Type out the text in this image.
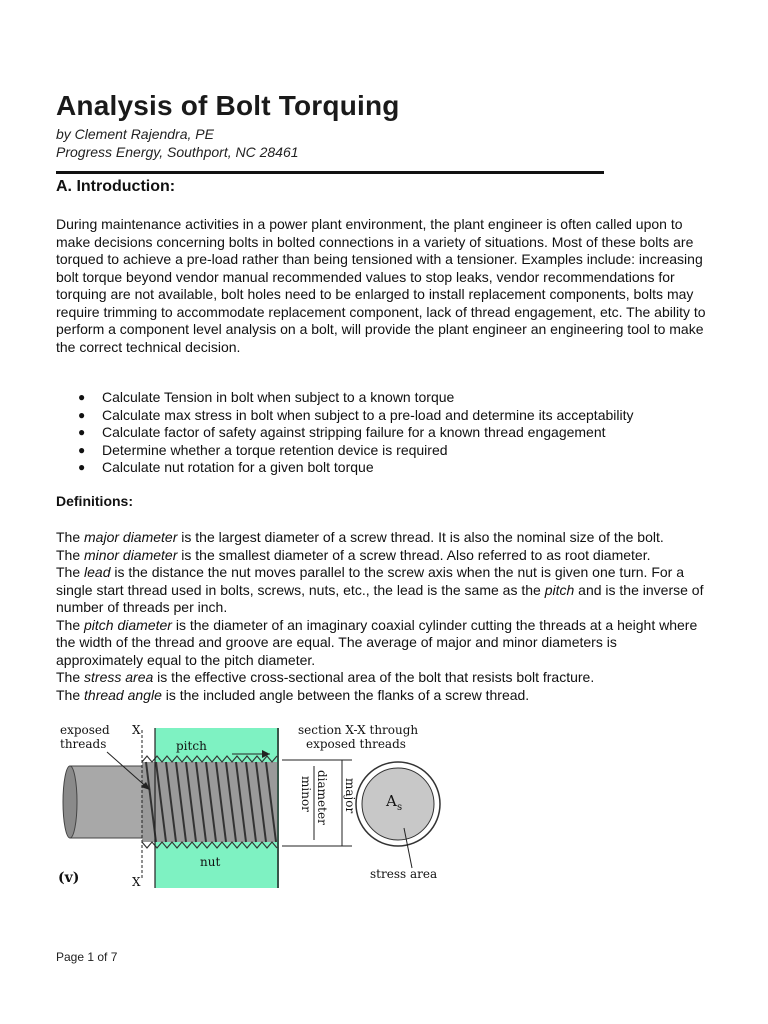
Analysis of Bolt Torquing
by Clement Rajendra, PE
Progress Energy, Southport, NC 28461
A. Introduction:

During maintenance activities in a power plant environment, the plant engineer is often called upon to make decisions concerning bolts in bolted connections in a variety of situations. Most of these bolts are torqued to achieve a pre-load rather than being tensioned with a tensioner. Examples include: increasing bolt torque beyond vendor manual recommended values to stop leaks, vendor recommendations for torquing are not available, bolt holes need to be enlarged to install replacement components, bolts may require trimming to accommodate replacement component, lack of thread engagement, etc. The ability to perform a component level analysis on a bolt, will provide the plant engineer an engineering tool to make the correct technical decision.

● Calculate Tension in bolt when subject to a known torque
● Calculate max stress in bolt when subject to a pre-load and determine its acceptability
● Calculate factor of safety against stripping failure for a known thread engagement
● Determine whether a torque retention device is required
● Calculate nut rotation for a given bolt torque
Definitions:

The major diameter is the largest diameter of a screw thread. It is also the nominal size of the bolt.

The minor diameter is the smallest diameter of a screw thread. Also referred to as root diameter.

The lead is the distance the nut moves parallel to the screw axis when the nut is given one turn. For a single start thread used in bolts, screws, nuts, etc., the lead is the same as the pitch and is the inverse of number of threads per inch.

The pitch diameter is the diameter of an imaginary coaxial cylinder cutting the threads at a height where the width of the thread and groove are equal. The average of major and minor diameters is approximately equal to the pitch diameter.

The stress area is the effective cross-sectional area of the bolt that resists bolt fracture.

The thread angle is the included angle between the flanks of a screw thread.

exposed
threads
X
pitch
section X-X through
exposed threads
minor diameter major A s
stress area
nut
(v)	X
Page 1 of 7
